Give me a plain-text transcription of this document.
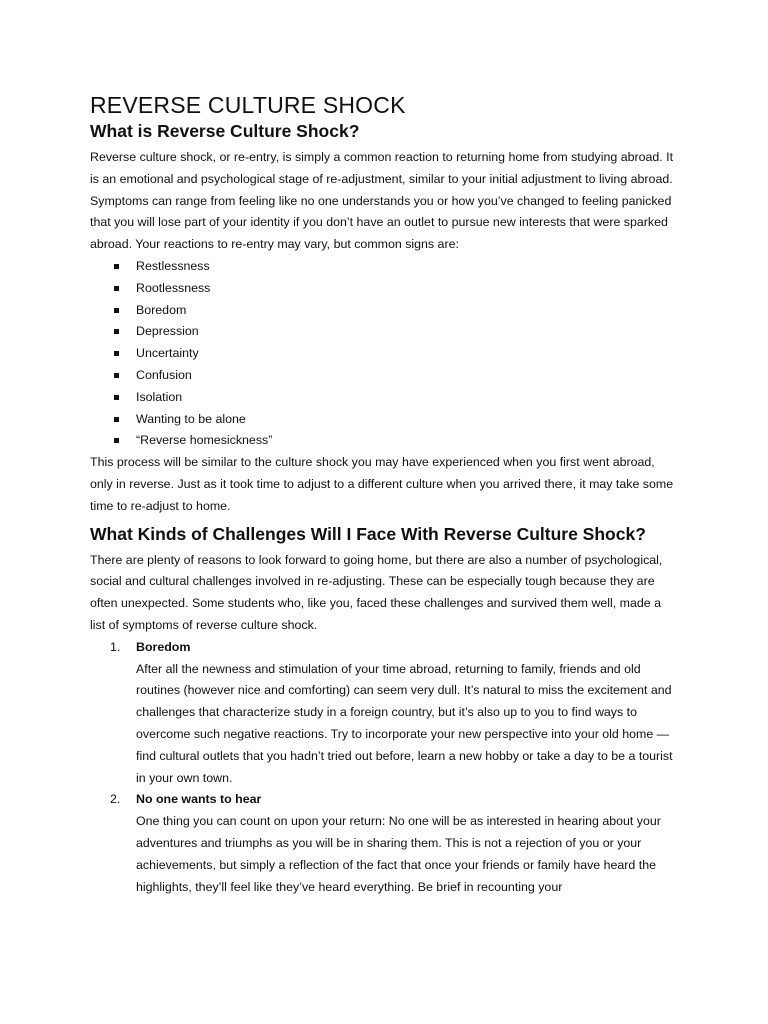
REVERSE CULTURE SHOCK
What is Reverse Culture Shock?

Reverse culture shock, or re-entry, is simply a common reaction to returning home from studying abroad. It is an emotional and psychological stage of re-adjustment, similar to your initial adjustment to living abroad. Symptoms can range from feeling like no one understands you or how you’ve changed to feeling panicked that you will lose part of your identity if you don’t have an outlet to pursue new interests that were sparked abroad. Your reactions to re-entry may vary, but common signs are:

Restlessness
Rootlessness
Boredom
Depression
Uncertainty
Confusion
Isolation
Wanting to be alone
“Reverse homesickness”

This process will be similar to the culture shock you may have experienced when you first went abroad, only in reverse. Just as it took time to adjust to a different culture when you arrived there, it may take some time to re-adjust to home.

What Kinds of Challenges Will I Face With Reverse Culture Shock?

There are plenty of reasons to look forward to going home, but there are also a number of psychological, social and cultural challenges involved in re-adjusting. These can be especially tough because they are often unexpected. Some students who, like you, faced these challenges and survived them well, made a list of symptoms of reverse culture shock.

1. Boredom
After all the newness and stimulation of your time abroad, returning to family, friends and old routines (however nice and comforting) can seem very dull. It’s natural to miss the excitement and challenges that characterize study in a foreign country, but it’s also up to you to find ways to overcome such negative reactions. Try to incorporate your new perspective into your old home — find cultural outlets that you hadn’t tried out before, learn a new hobby or take a day to be a tourist in your own town.
2. No one wants to hear
One thing you can count on upon your return: No one will be as interested in hearing about your adventures and triumphs as you will be in sharing them. This is not a rejection of you or your achievements, but simply a reflection of the fact that once your friends or family have heard the highlights, they’ll feel like they’ve heard everything. Be brief in recounting your
